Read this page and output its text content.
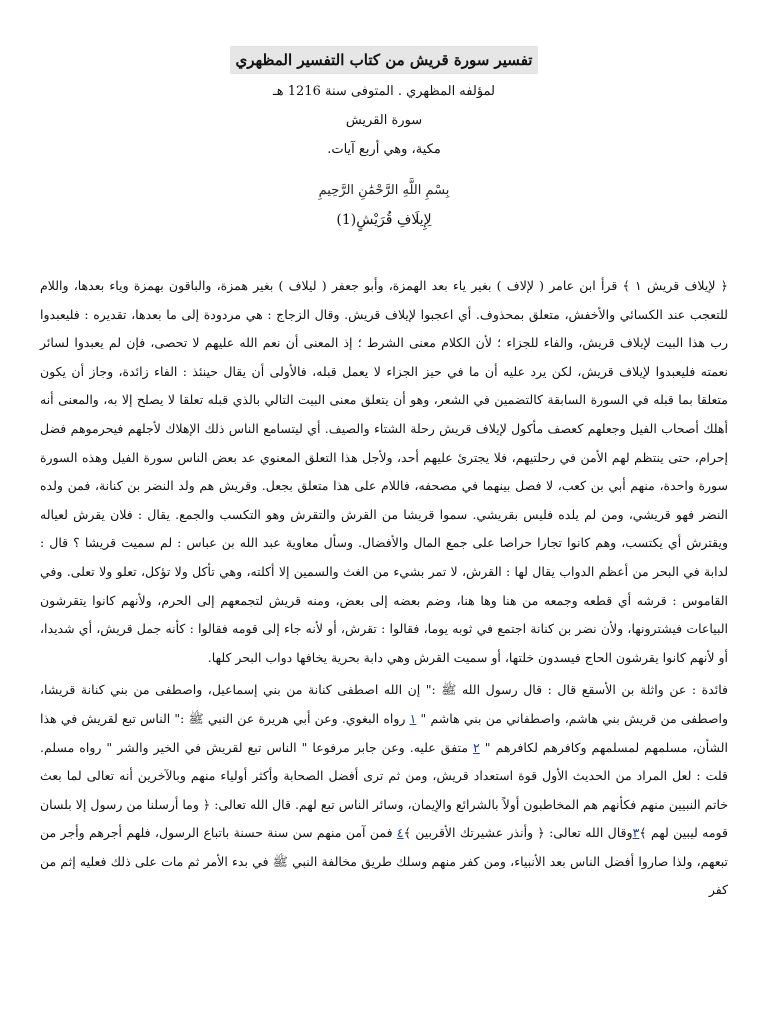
تفسير سورة قريش من كتاب التفسير المظهري
لمؤلفه المظهري . المتوفى سنة 1216 هـ
سورة القريش
مكية، وهي أربع آيات.
بِسْمِ اللَّهِ الرَّحْمَٰنِ الرَّحِيمِ
لِإِيلَافِ قُرَيْشٍ(1)

﴿ لإيلاف قريش ١ ﴾ قرأ ابن عامر ( لإلاف ) بغير ياء بعد الهمزة، وأبو جعفر ( ليلاف ) بغير همزة، والباقون بهمزة وياء بعدها، واللام للتعجب عند الكسائي والأخفش، متعلق بمحذوف. أي اعجبوا لإيلاف قريش. وقال الزجاج : هي مردودة إلى ما بعدها، تقديره : فليعبدوا رب هذا البيت لإيلاف قريش، والفاء للجزاء ؛ لأن الكلام معنى الشرط ؛ إذ المعنى أن نعم الله عليهم لا تحصى، فإن لم يعبدوا لسائر نعمته فليعبدوا لإيلاف قريش، لكن يرد عليه أن ما في حيز الجزاء لا يعمل قبله، فالأولى أن يقال حينئذ : الفاء زائدة، وجاز أن يكون متعلقا بما قبله في السورة السابقة كالتضمين في الشعر، وهو أن يتعلق معنى البيت التالي بالذي قبله تعلقا لا يصلح إلا به، والمعنى أنه أهلك أصحاب الفيل وجعلهم كعصف مأكول لإيلاف قريش رحلة الشتاء والصيف. أي ليتسامع الناس ذلك الإهلاك لأجلهم فيحرموهم فضل إحرام، حتى ينتظم لهم الأمن في رحلتيهم، فلا يجترئ عليهم أحد، ولأجل هذا التعلق المعنوي عد بعض الناس سورة الفيل وهذه السورة سورة واحدة، منهم أبي بن كعب، لا فصل بينهما في مصحفه، فاللام على هذا متعلق بجعل. وقريش هم ولد النضر بن كنانة، فمن ولده النضر فهو قريشي، ومن لم يلده فليس بقريشي. سموا قريشا من القرش والتقرش وهو التكسب والجمع. يقال : فلان يقرش لعياله ويقترش أي يكتسب، وهم كانوا تجارا حراصا على جمع المال والأفضال. وسأل معاوية عبد الله بن عباس : لم سميت قريشا ؟ قال : لدابة في البحر من أعظم الدواب يقال لها : القرش، لا تمر بشيء من الغث والسمين إلا أكلته، وهي تأكل ولا تؤكل، تعلو ولا تعلى. وفي القاموس : قرشه أي قطعه وجمعه من هنا وها هنا، وضم بعضه إلى بعض، ومنه قريش لتجمعهم إلى الحرم، ولأنهم كانوا يتقرشون البياعات فيشترونها، ولأن نضر بن كنانة اجتمع في ثوبه يوما، فقالوا : تقرش، أو لأنه جاء إلى قومه فقالوا : كأنه جمل قريش، أي شديدا، أو لأنهم كانوا يقرشون الحاج فيسدون خلتها، أو سميت القرش وهي دابة بحرية يخافها دواب البحر كلها.

فائدة : عن واثلة بن الأسقع قال : قال رسول الله ﷺ :" إن الله اصطفى كنانة من بني إسماعيل، واصطفى من بني كنانة قريشا، واصطفى من قريش بني هاشم، واصطفاني من بني هاشم " ١ رواه البغوي. وعن أبي هريرة عن النبي ﷺ :" الناس تبع لقريش في هذا الشأن، مسلمهم لمسلمهم وكافرهم لكافرهم " ٢ متفق عليه. وعن جابر مرفوعا " الناس تبع لقريش في الخير والشر " رواه مسلم. قلت : لعل المراد من الحديث الأول قوة استعداد قريش، ومن ثم ترى أفضل الصحابة وأكثر أولياء منهم وبالآخرين أنه تعالى لما بعث خاتم النبيين منهم فكأنهم هم المخاطبون أولاً بالشرائع والإيمان، وسائر الناس تبع لهم. قال الله تعالى: ﴿ وما أرسلنا من رسول إلا بلسان قومه ليبين لهم ﴾٣وقال الله تعالى: ﴿ وأنذر عشيرتك الأقربين ﴾٤ فمن آمن منهم سن سنة حسنة باتباع الرسول، فلهم أجرهم وأجر من تبعهم، ولذا صاروا أفضل الناس بعد الأنبياء، ومن كفر منهم وسلك طريق مخالفة النبي ﷺ في بدء الأمر ثم مات على ذلك فعليه إثم من كفر
